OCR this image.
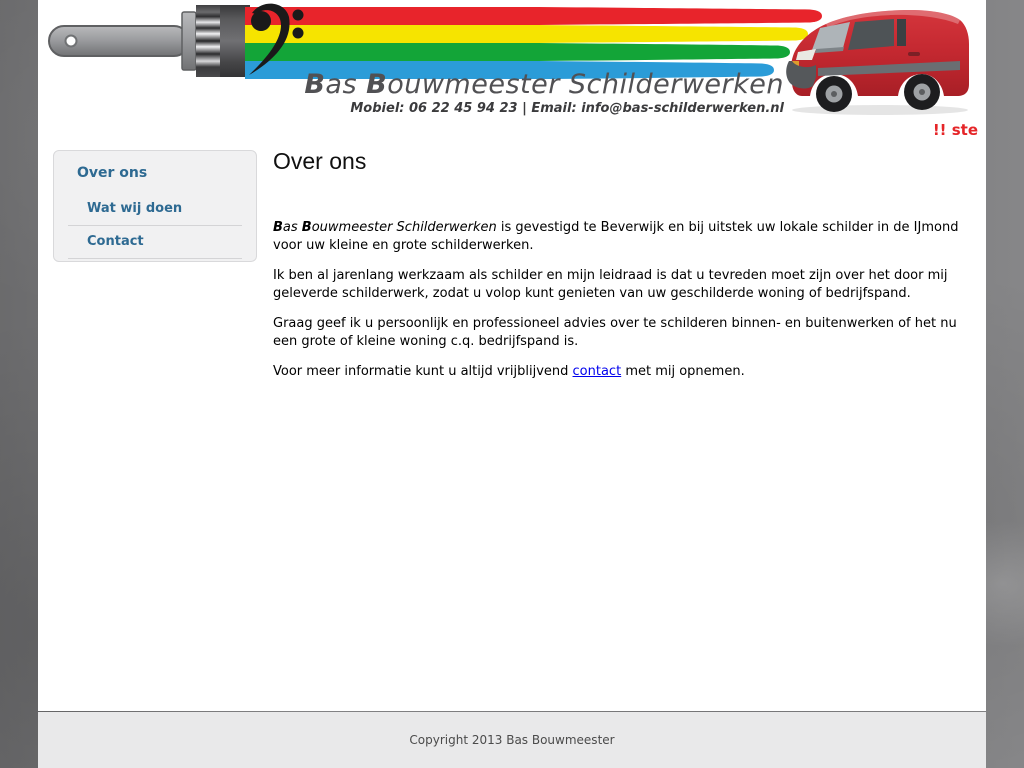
Bas Bouwmeester Schilderwerken
Mobiel: 06 22 45 94 23 | Email: info@bas-schilderwerken.nl
!! ste
Over ons
Wat wij doen
Contact
Over ons

Bas Bouwmeester Schilderwerken is gevestigd te Beverwijk en bij uitstek uw lokale schilder in de IJmond voor uw kleine en grote schilderwerken.

Ik ben al jarenlang werkzaam als schilder en mijn leidraad is dat u tevreden moet zijn over het door mij geleverde schilderwerk, zodat u volop kunt genieten van uw geschilderde woning of bedrijfspand.

Graag geef ik u persoonlijk en professioneel advies over te schilderen binnen- en buitenwerken of het nu een grote of kleine woning c.q. bedrijfspand is.

Voor meer informatie kunt u altijd vrijblijvend contact met mij opnemen.

Copyright 2013 Bas Bouwmeester
